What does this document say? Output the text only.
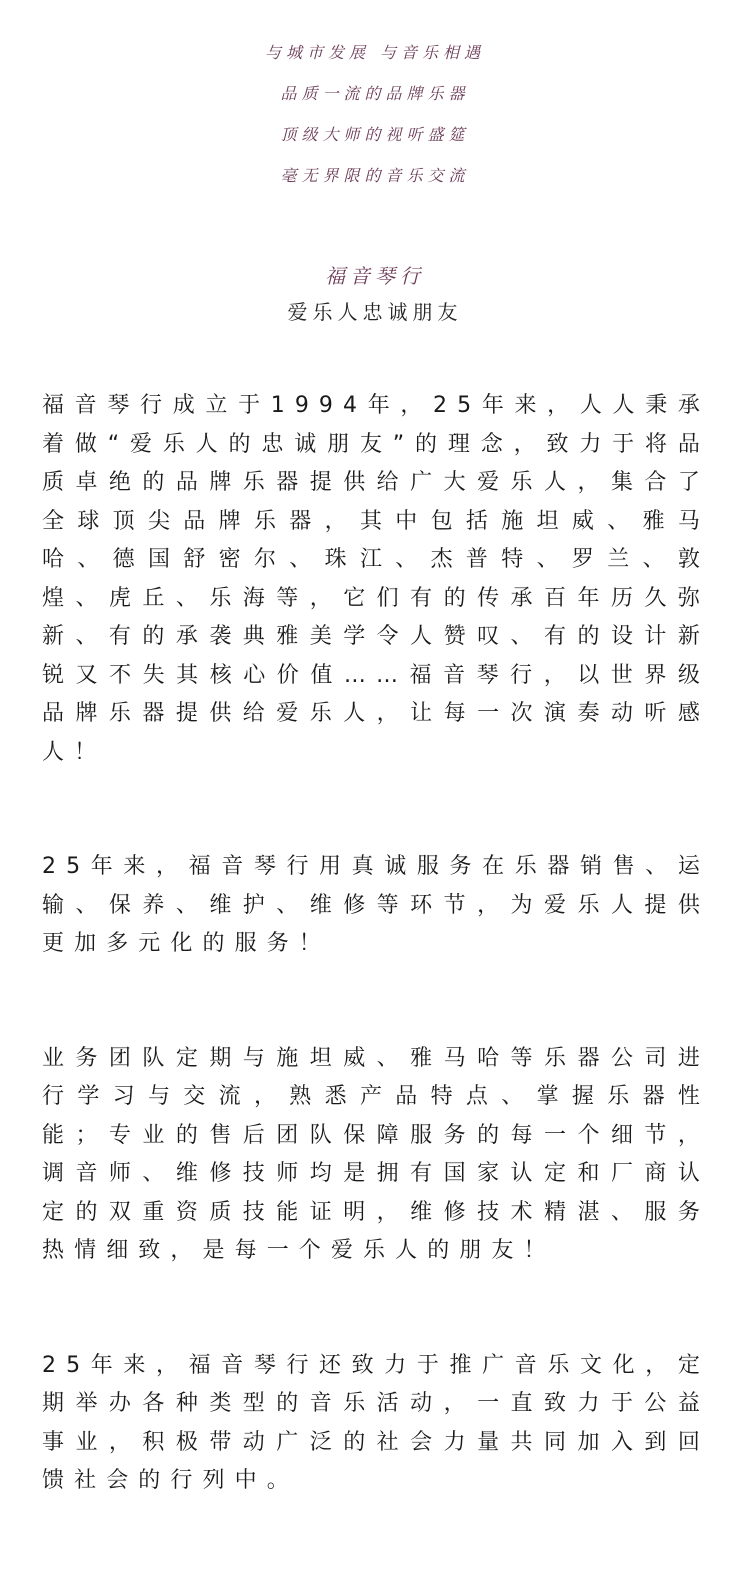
与城市发展 与音乐相遇
品质一流的品牌乐器
顶级大师的视听盛筵
毫无界限的音乐交流
福音琴行
爱乐人忠诚朋友

福音琴行成立于1994年，25年来，人人秉承着做“爱乐人的忠诚朋友”的理念，致力于将品质卓绝的品牌乐器提供给广大爱乐人，集合了全球顶尖品牌乐器，其中包括施坦威、雅马哈、德国舒密尔、珠江、杰普特、罗兰、敦煌、虎丘、乐海等，它们有的传承百年历久弥新、有的承袭典雅美学令人赞叹、有的设计新锐又不失其核心价值……福音琴行，以世界级品牌乐器提供给爱乐人，让每一次演奏动听感人！

25年来，福音琴行用真诚服务在乐器销售、运输、保养、维护、维修等环节，为爱乐人提供更加多元化的服务！

业务团队定期与施坦威、雅马哈等乐器公司进行学习与交流，熟悉产品特点、掌握乐器性能；专业的售后团队保障服务的每一个细节，调音师、维修技师均是拥有国家认定和厂商认定的双重资质技能证明，维修技术精湛、服务热情细致，是每一个爱乐人的朋友！

25年来，福音琴行还致力于推广音乐文化，定期举办各种类型的音乐活动，一直致力于公益事业，积极带动广泛的社会力量共同加入到回馈社会的行列中。
